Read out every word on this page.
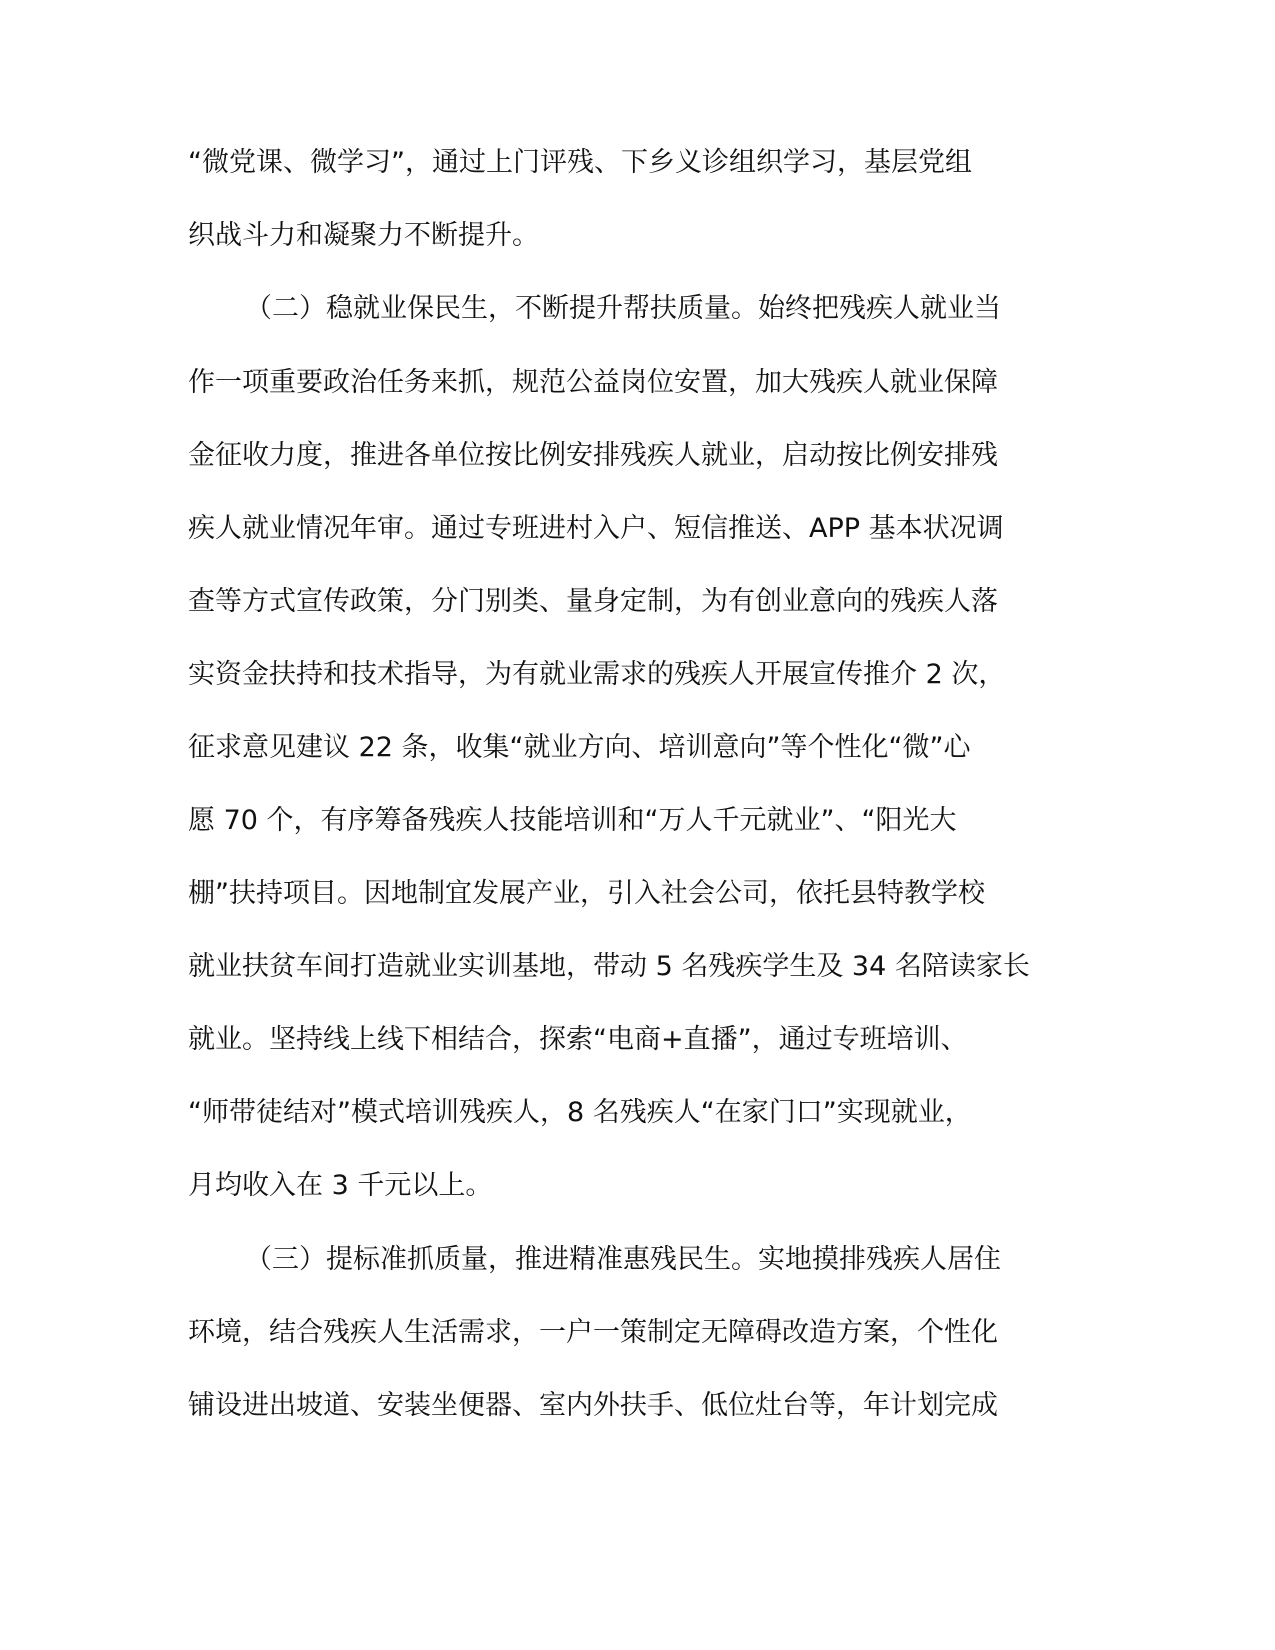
“微党课、微学习”，通过上门评残、下乡义诊组织学习，基层党组
织战斗力和凝聚力不断提升。
（二）稳就业保民生，不断提升帮扶质量。始终把残疾人就业当
作一项重要政治任务来抓，规范公益岗位安置，加大残疾人就业保障
金征收力度，推进各单位按比例安排残疾人就业，启动按比例安排残
疾人就业情况年审。通过专班进村入户、短信推送、APP 基本状况调
查等方式宣传政策，分门别类、量身定制，为有创业意向的残疾人落
实资金扶持和技术指导，为有就业需求的残疾人开展宣传推介 2 次，
征求意见建议 22 条，收集“就业方向、培训意向”等个性化“微”心
愿 70 个，有序筹备残疾人技能培训和“万人千元就业”、“阳光大
棚”扶持项目。因地制宜发展产业，引入社会公司，依托县特教学校
就业扶贫车间打造就业实训基地，带动 5 名残疾学生及 34 名陪读家长
就业。坚持线上线下相结合，探索“电商+直播”，通过专班培训、
“师带徒结对”模式培训残疾人，8 名残疾人“在家门口”实现就业，
月均收入在 3 千元以上。
（三）提标准抓质量，推进精准惠残民生。实地摸排残疾人居住
环境，结合残疾人生活需求，一户一策制定无障碍改造方案，个性化
铺设进出坡道、安装坐便器、室内外扶手、低位灶台等，年计划完成
